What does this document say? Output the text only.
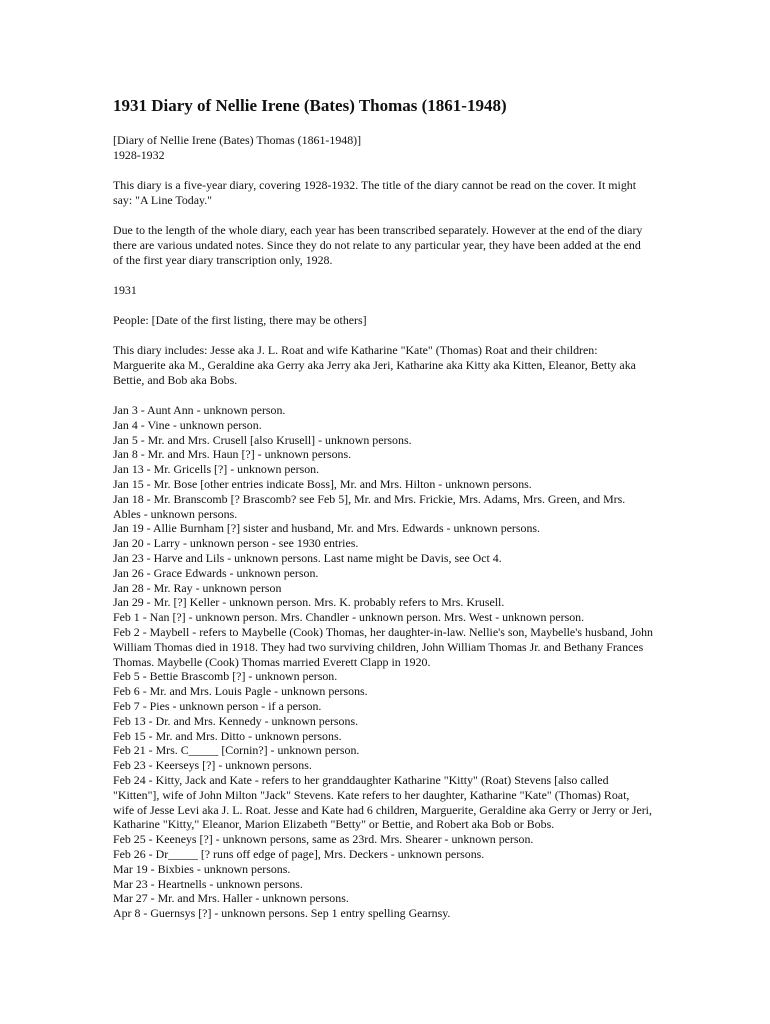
1931 Diary of Nellie Irene (Bates) Thomas (1861-1948)

[Diary of Nellie Irene (Bates) Thomas (1861-1948)]
1928-1932

This diary is a five-year diary, covering 1928-1932. The title of the diary cannot be read on the cover. It might say: "A Line Today."

Due to the length of the whole diary, each year has been transcribed separately. However at the end of the diary there are various undated notes. Since they do not relate to any particular year, they have been added at the end of the first year diary transcription only, 1928.

1931

People: [Date of the first listing, there may be others]

This diary includes: Jesse aka J. L. Roat and wife Katharine "Kate" (Thomas) Roat and their children: Marguerite aka M., Geraldine aka Gerry aka Jerry aka Jeri, Katharine aka Kitty aka Kitten, Eleanor, Betty aka Bettie, and Bob aka Bobs.

Jan 3 - Aunt Ann - unknown person.
Jan 4 - Vine - unknown person.
Jan 5 - Mr. and Mrs. Crusell [also Krusell] - unknown persons.
Jan 8 - Mr. and Mrs. Haun [?] - unknown persons.
Jan 13 - Mr. Gricells [?] - unknown person.
Jan 15 - Mr. Bose [other entries indicate Boss], Mr. and Mrs. Hilton - unknown persons.
Jan 18 - Mr. Branscomb [? Brascomb? see Feb 5], Mr. and Mrs. Frickie, Mrs. Adams, Mrs. Green, and Mrs. Ables - unknown persons.
Jan 19 - Allie Burnham [?] sister and husband, Mr. and Mrs. Edwards - unknown persons.
Jan 20 - Larry - unknown person - see 1930 entries.
Jan 23 - Harve and Lils - unknown persons. Last name might be Davis, see Oct 4.
Jan 26 - Grace Edwards - unknown person.
Jan 28 - Mr. Ray - unknown person
Jan 29 - Mr. [?] Keller - unknown person. Mrs. K. probably refers to Mrs. Krusell.
Feb 1 - Nan [?] - unknown person. Mrs. Chandler - unknown person. Mrs. West - unknown person.
Feb 2 - Maybell - refers to Maybelle (Cook) Thomas, her daughter-in-law. Nellie's son, Maybelle's husband, John William Thomas died in 1918. They had two surviving children, John William Thomas Jr. and Bethany Frances Thomas. Maybelle (Cook) Thomas married Everett Clapp in 1920.
Feb 5 - Bettie Brascomb [?] - unknown person.
Feb 6 - Mr. and Mrs. Louis Pagle - unknown persons.
Feb 7 - Pies - unknown person - if a person.
Feb 13 - Dr. and Mrs. Kennedy - unknown persons.
Feb 15 - Mr. and Mrs. Ditto - unknown persons.
Feb 21 - Mrs. C_____ [Cornin?] - unknown person.
Feb 23 - Keerseys [?] - unknown persons.
Feb 24 - Kitty, Jack and Kate - refers to her granddaughter Katharine "Kitty" (Roat) Stevens [also called "Kitten"], wife of John Milton "Jack" Stevens. Kate refers to her daughter, Katharine "Kate" (Thomas) Roat, wife of Jesse Levi aka J. L. Roat. Jesse and Kate had 6 children, Marguerite, Geraldine aka Gerry or Jerry or Jeri, Katharine "Kitty," Eleanor, Marion Elizabeth "Betty" or Bettie, and Robert aka Bob or Bobs.
Feb 25 - Keeneys [?] - unknown persons, same as 23rd. Mrs. Shearer - unknown person.
Feb 26 - Dr_____ [? runs off edge of page], Mrs. Deckers - unknown persons.
Mar 19 - Bixbies - unknown persons.
Mar 23 - Heartnells - unknown persons.
Mar 27 - Mr. and Mrs. Haller - unknown persons.
Apr 8 - Guernsys [?] - unknown persons. Sep 1 entry spelling Gearnsy.
